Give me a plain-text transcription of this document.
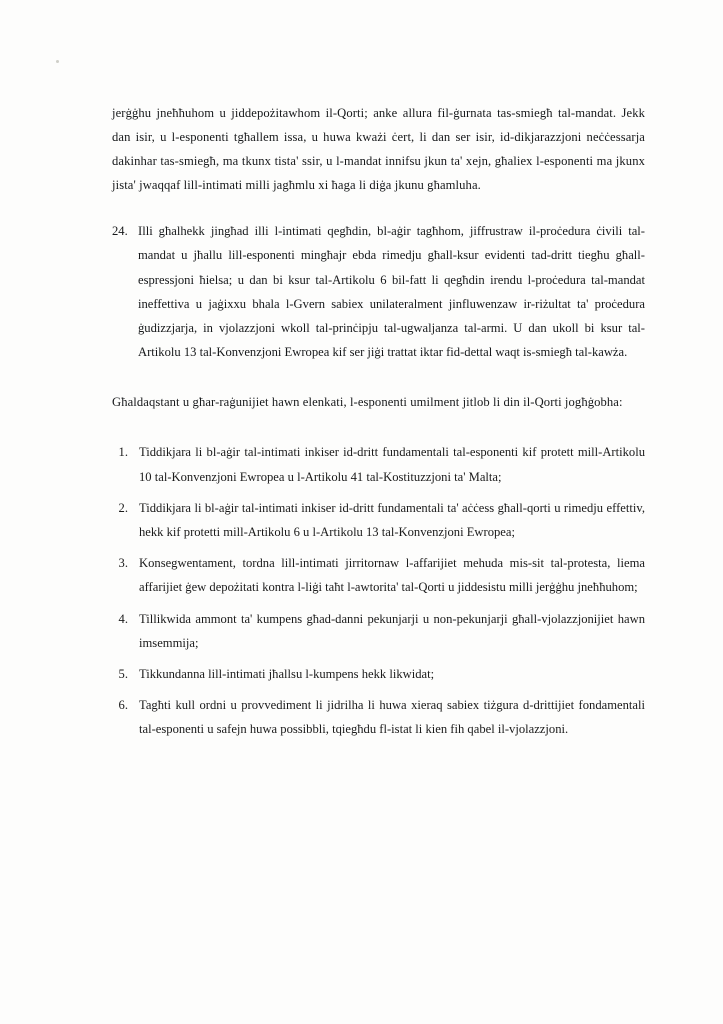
jerġġhu jneħħuhom u jiddepożitawhom il-Qorti; anke allura fil-ġurnata tas-smiegħ tal-mandat. Jekk dan isir, u l-esponenti tgħallem issa, u huwa kważi ċert, li dan ser isir, id-dikjarazzjoni neċċessarja dakinhar tas-smiegħ, ma tkunx tista' ssir, u l-mandat innifsu jkun ta' xejn, għaliex l-esponenti ma jkunx jista' jwaqqaf lill-intimati milli jagħmlu xi ħaga li diġa jkunu għamluha.

24. Illi għalhekk jingħad illi l-intimati qegħdin, bl-aġir tagħhom, jiffrustraw il-proċedura ċivili tal-mandat u jħallu lill-esponenti mingħajr ebda rimedju għall-ksur evidenti tad-dritt tiegħu għall-espressjoni ħielsa; u dan bi ksur tal-Artikolu 6 bil-fatt li qegħdin irendu l-proċedura tal-mandat ineffettiva u jaġixxu bhala l-Gvern sabiex unilateralment jinfluwenzaw ir-riżultat ta' proċedura ġudizzjarja, in vjolazzjoni wkoll tal-prinċipju tal-ugwaljanza tal-armi. U dan ukoll bi ksur tal-Artikolu 13 tal-Konvenzjoni Ewropea kif ser jiġi trattat iktar fid-dettal waqt is-smiegħ tal-kawża.

Għaldaqstant u għar-raġunijiet hawn elenkati, l-esponenti umilment jitlob li din il-Qorti jogħġobha:

1. Tiddikjara li bl-aġir tal-intimati inkiser id-dritt fundamentali tal-esponenti kif protett mill-Artikolu 10 tal-Konvenzjoni Ewropea u l-Artikolu 41 tal-Kostituzzjoni ta' Malta;
2. Tiddikjara li bl-aġir tal-intimati inkiser id-dritt fundamentali ta' aċċess għall-qorti u rimedju effettiv, hekk kif protetti mill-Artikolu 6 u l-Artikolu 13 tal-Konvenzjoni Ewropea;
3. Konsegwentament, tordna lill-intimati jirritornaw l-affarijiet mehuda mis-sit tal-protesta, liema affarijiet ġew depożitati kontra l-liġi taħt l-awtorita' tal-Qorti u jiddesistu milli jerġġhu jneħħuhom;
4. Tillikwida ammont ta' kumpens għad-danni pekunjarji u non-pekunjarji għall-vjolazzjonijiet hawn imsemmija;
5. Tikkundanna lill-intimati jħallsu l-kumpens hekk likwidat;
6. Tagħti kull ordni u provvediment li jidrilha li huwa xieraq sabiex tiżgura d-drittijiet fondamentali tal-esponenti u safejn huwa possibbli, tqiegħdu fl-istat li kien fih qabel il-vjolazzjoni.
